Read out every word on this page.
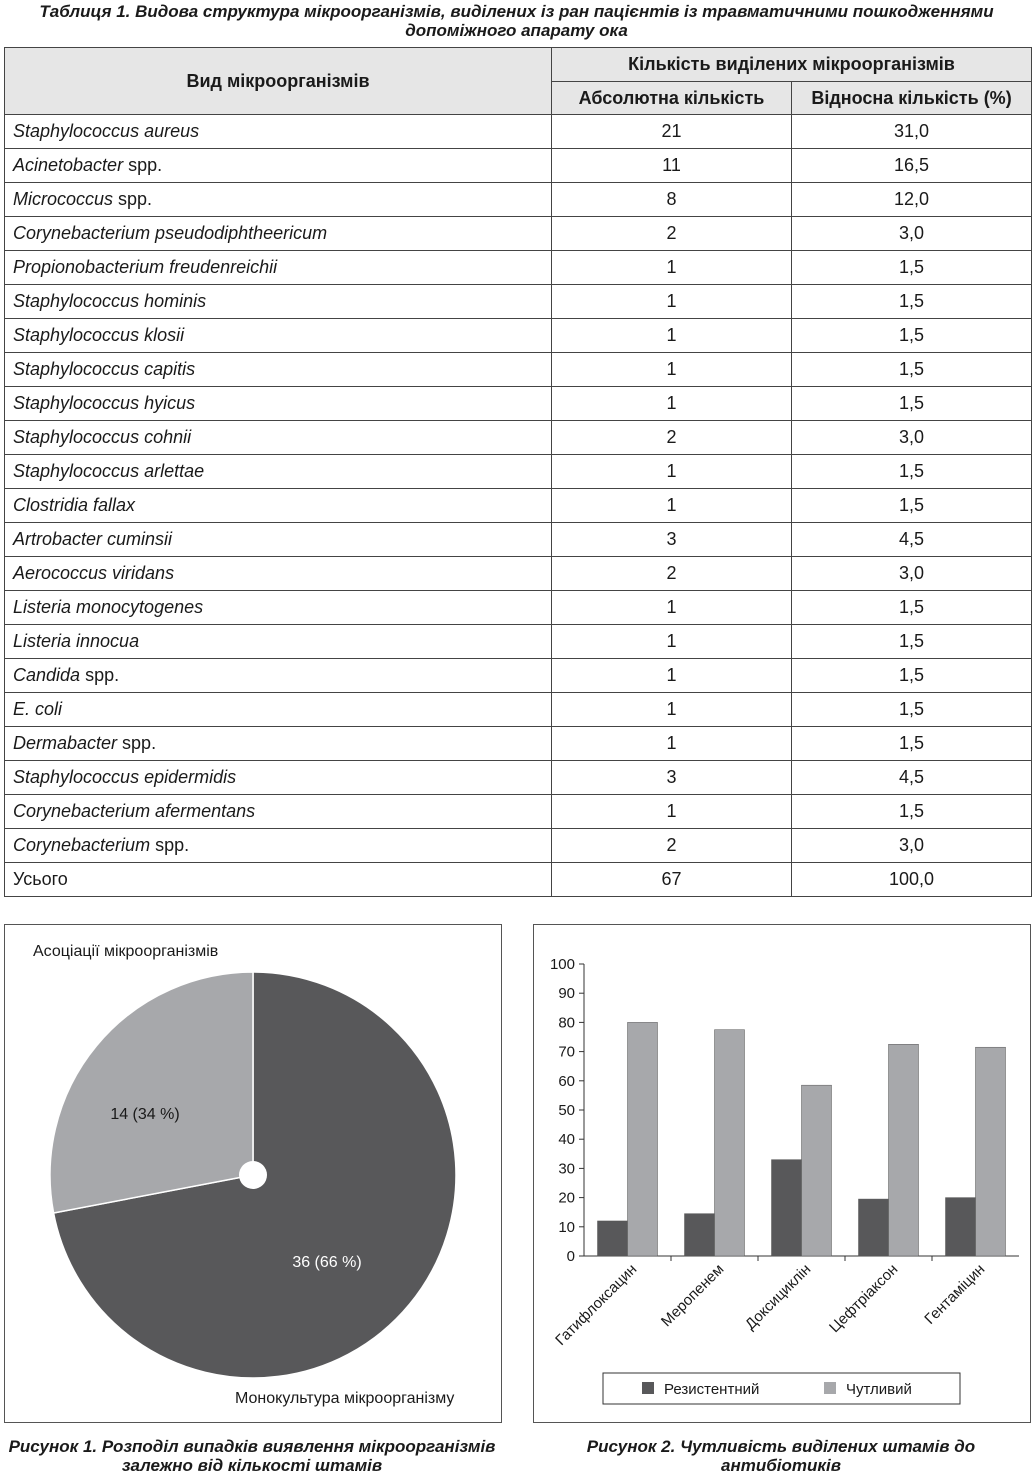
Таблиця 1. Видова структура мікроорганізмів, виділених із ран пацієнтів із травматичними пошкодженнями допоміжного апарату ока
Вид мікроорганізмів	Кількість виділених мікроорганізмів	
	Абсолютна кількість	Відносна кількість (%)
Staphylococcus aureus	21	31,0
Acinetobacter spp.	11	16,5
Micrococcus spp.	8	12,0
Corynebacterium pseudodiphtheericum	2	3,0
Propionobacterium freudenreichii	1	1,5
Staphylococcus hominis	1	1,5
Staphylococcus klosii	1	1,5
Staphylococcus capitis	1	1,5
Staphylococcus hyicus	1	1,5
Staphylococcus cohnii	2	3,0
Staphylococcus arlettae	1	1,5
Clostridia fallax	1	1,5
Artrobacter cuminsii	3	4,5
Aerococcus viridans	2	3,0
Listeria monocytogenes	1	1,5
Listeria innocua	1	1,5
Candida spp.	1	1,5
E. coli	1	1,5
Dermabacter spp.	1	1,5
Staphylococcus epidermidis	3	4,5
Corynebacterium afermentans	1	1,5
Corynebacterium spp.	2	3,0
Усього	67	100,0
36 (66 %)
Монокультура мікроорганізму
14 (34 %)
Асоціації мікроорганізмів
0
10
20
30
40
50
60
70
80
90
100
Гатифлоксацин Меропенем Доксициклін Цефтріаксон Гентаміцин
Резистентний	Чутливий
Рисунок 1. Розподіл випадків виявлення мікроорганізмів залежно від кількості штамів
Рисунок 2. Чутливість виділених штамів до антибіотиків
